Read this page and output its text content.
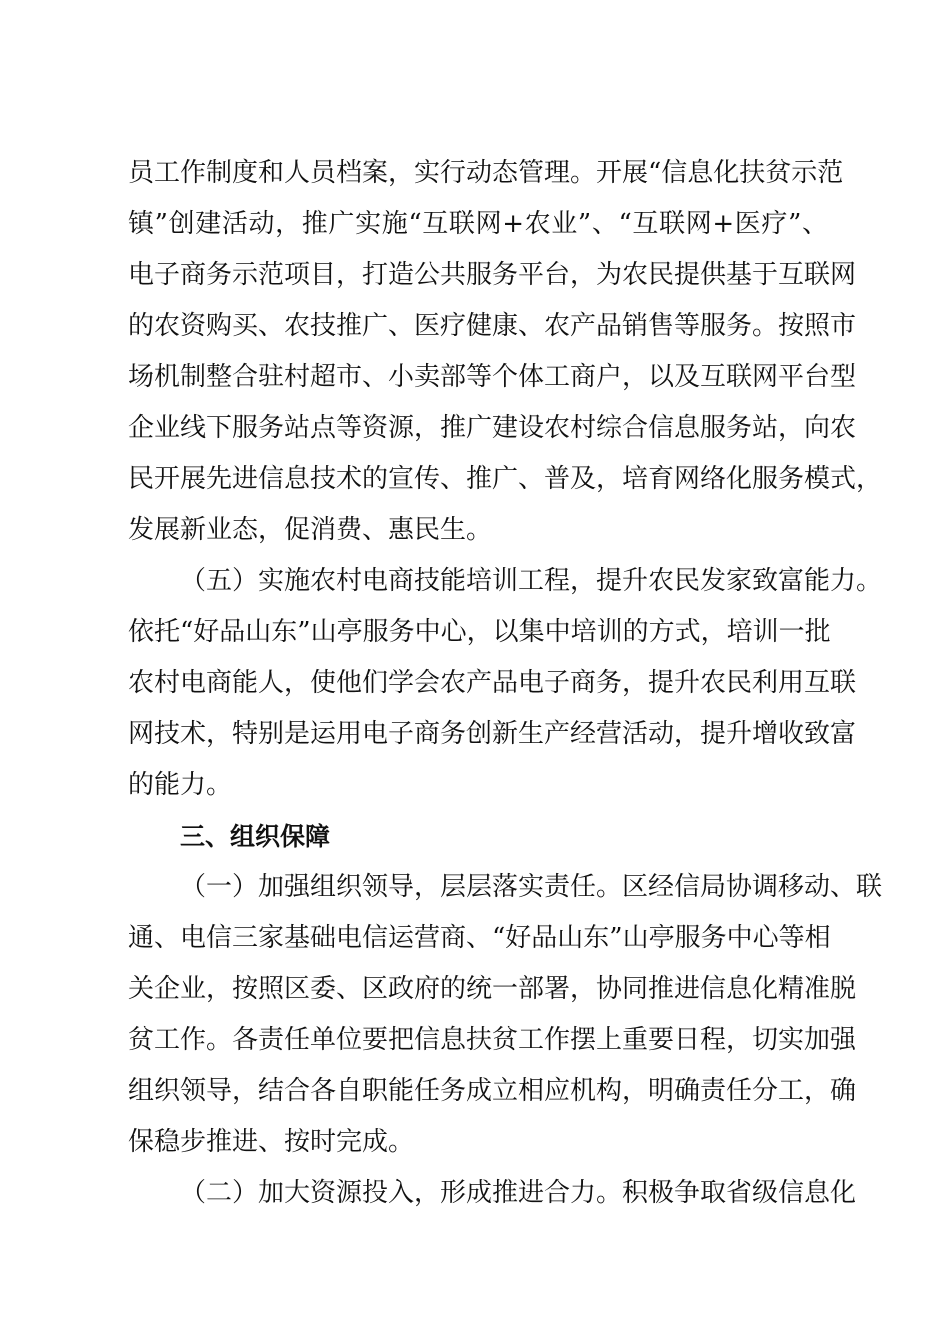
员工作制度和人员档案，实行动态管理。开展“信息化扶贫示范
镇”创建活动，推广实施“互联网+农业”、“互联网+医疗”、
电子商务示范项目，打造公共服务平台，为农民提供基于互联网
的农资购买、农技推广、医疗健康、农产品销售等服务。按照市
场机制整合驻村超市、小卖部等个体工商户，以及互联网平台型
企业线下服务站点等资源，推广建设农村综合信息服务站，向农
民开展先进信息技术的宣传、推广、普及，培育网络化服务模式，
发展新业态，促消费、惠民生。
（五）实施农村电商技能培训工程，提升农民发家致富能力。
依托“好品山东”山亭服务中心，以集中培训的方式，培训一批
农村电商能人，使他们学会农产品电子商务，提升农民利用互联
网技术，特别是运用电子商务创新生产经营活动，提升增收致富
的能力。
三、组织保障
（一）加强组织领导，层层落实责任。区经信局协调移动、联
通、电信三家基础电信运营商、“好品山东”山亭服务中心等相
关企业，按照区委、区政府的统一部署，协同推进信息化精准脱
贫工作。各责任单位要把信息扶贫工作摆上重要日程，切实加强
组织领导，结合各自职能任务成立相应机构，明确责任分工，确
保稳步推进、按时完成。
（二）加大资源投入，形成推进合力。积极争取省级信息化
